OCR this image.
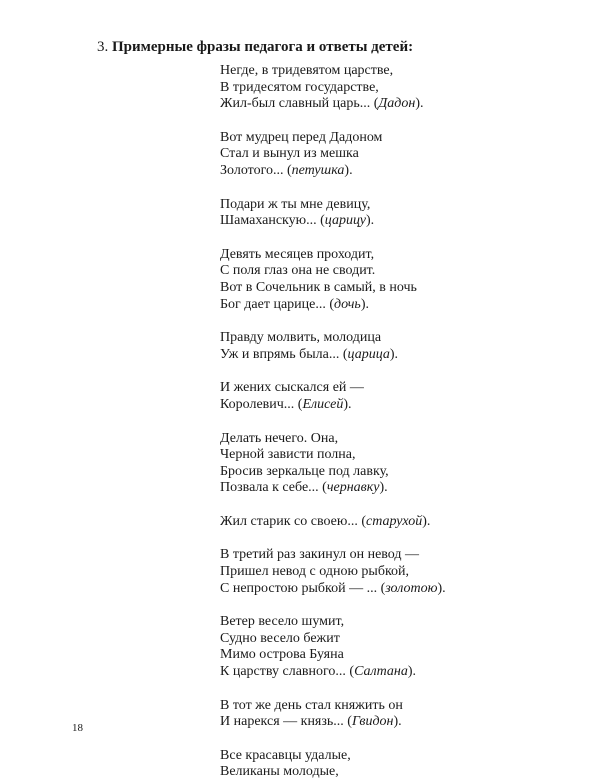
3. Примерные фразы педагога и ответы детей:

Негде, в тридевятом царстве,
В тридесятом государстве,
Жил-был славный царь... (Дадон).

Вот мудрец перед Дадоном
Стал и вынул из мешка
Золотого... (петушка).

Подари ж ты мне девицу,
Шамаханскую... (царицу).

Девять месяцев проходит,
С поля глаз она не сводит.
Вот в Сочельник в самый, в ночь
Бог дает царице... (дочь).

Правду молвить, молодица
Уж и впрямь была... (царица).

И жених сыскался ей —
Королевич... (Елисей).

Делать нечего. Она,
Черной зависти полна,
Бросив зеркальце под лавку,
Позвала к себе... (чернавку).

Жил старик со своею... (старухой).

В третий раз закинул он невод —
Пришел невод с одною рыбкой,
С непростою рыбкой — ... (золотою).

Ветер весело шумит,
Судно весело бежит
Мимо острова Буяна
К царству славного... (Салтана).

В тот же день стал княжить он
И нарекся — князь... (Гвидон).

Все красавцы удалые,
Великаны молодые,

18
